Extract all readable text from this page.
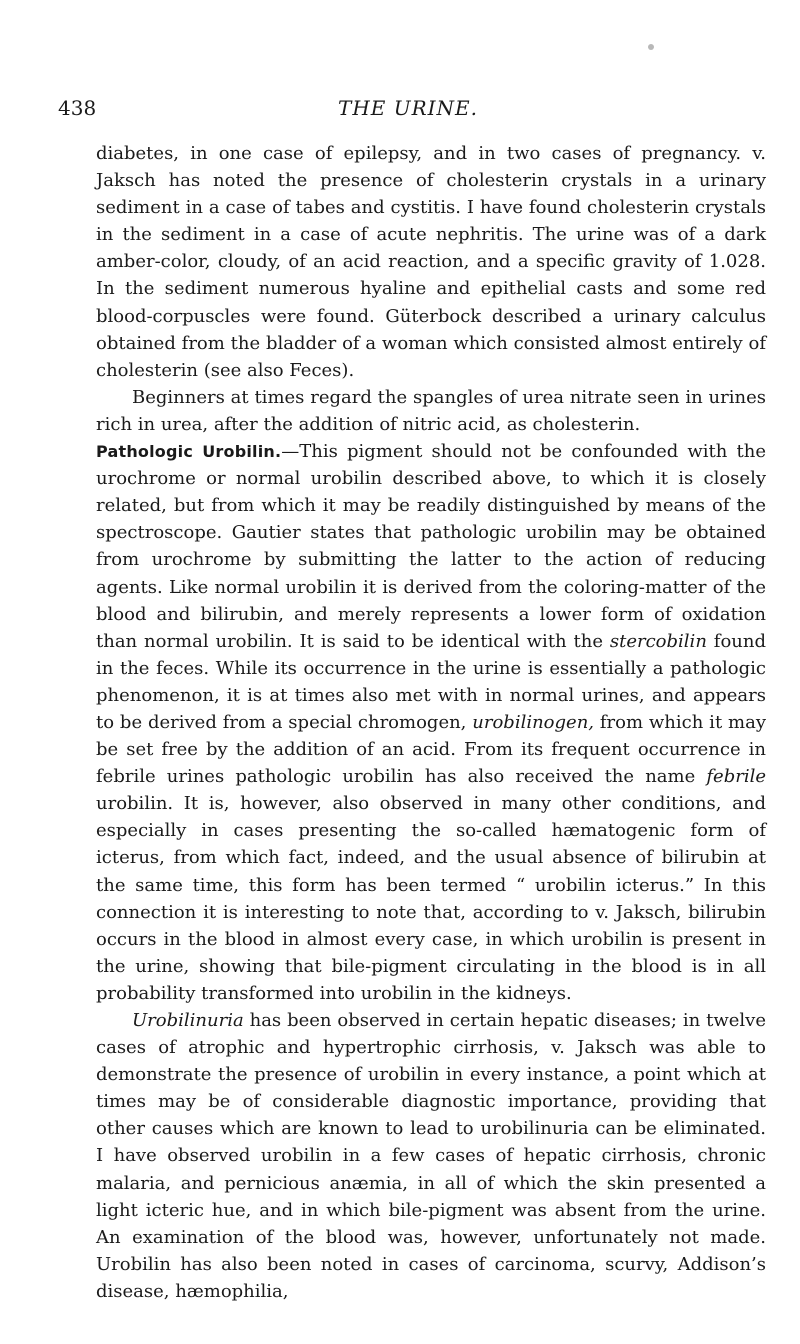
438	THE URINE.

diabetes, in one case of epilepsy, and in two cases of pregnancy. v. Jaksch has noted the presence of cholesterin crystals in a urinary sediment in a case of tabes and cystitis. I have found cholesterin crystals in the sediment in a case of acute nephritis. The urine was of a dark amber-color, cloudy, of an acid reaction, and a specific gravity of 1.028. In the sediment numerous hyaline and epithelial casts and some red blood-corpuscles were found. Güterbock described a urinary calculus obtained from the bladder of a woman which consisted almost entirely of cholesterin (see also Feces).

Beginners at times regard the spangles of urea nitrate seen in urines rich in urea, after the addition of nitric acid, as cholesterin.

Pathologic Urobilin.—This pigment should not be confounded with the urochrome or normal urobilin described above, to which it is closely related, but from which it may be readily distinguished by means of the spectroscope. Gautier states that pathologic urobilin may be obtained from urochrome by submitting the latter to the action of reducing agents. Like normal urobilin it is derived from the coloring-matter of the blood and bilirubin, and merely represents a lower form of oxidation than normal urobilin. It is said to be identical with the stercobilin found in the feces. While its occurrence in the urine is essentially a pathologic phenomenon, it is at times also met with in normal urines, and appears to be derived from a special chromogen, urobilinogen, from which it may be set free by the addition of an acid. From its frequent occurrence in febrile urines pathologic urobilin has also received the name febrile urobilin. It is, however, also observed in many other conditions, and especially in cases presenting the so-called hæmatogenic form of icterus, from which fact, indeed, and the usual absence of bilirubin at the same time, this form has been termed “ urobilin icterus.” In this connection it is interesting to note that, according to v. Jaksch, bilirubin occurs in the blood in almost every case, in which urobilin is present in the urine, showing that bile-pigment circulating in the blood is in all probability transformed into urobilin in the kidneys.

Urobilinuria has been observed in certain hepatic diseases; in twelve cases of atrophic and hypertrophic cirrhosis, v. Jaksch was able to demonstrate the presence of urobilin in every instance, a point which at times may be of considerable diagnostic importance, providing that other causes which are known to lead to urobilinuria can be eliminated. I have observed urobilin in a few cases of hepatic cirrhosis, chronic malaria, and pernicious anæmia, in all of which the skin presented a light icteric hue, and in which bile-pigment was absent from the urine. An examination of the blood was, however, unfortunately not made. Urobilin has also been noted in cases of carcinoma, scurvy, Addison’s disease, hæmophilia,
